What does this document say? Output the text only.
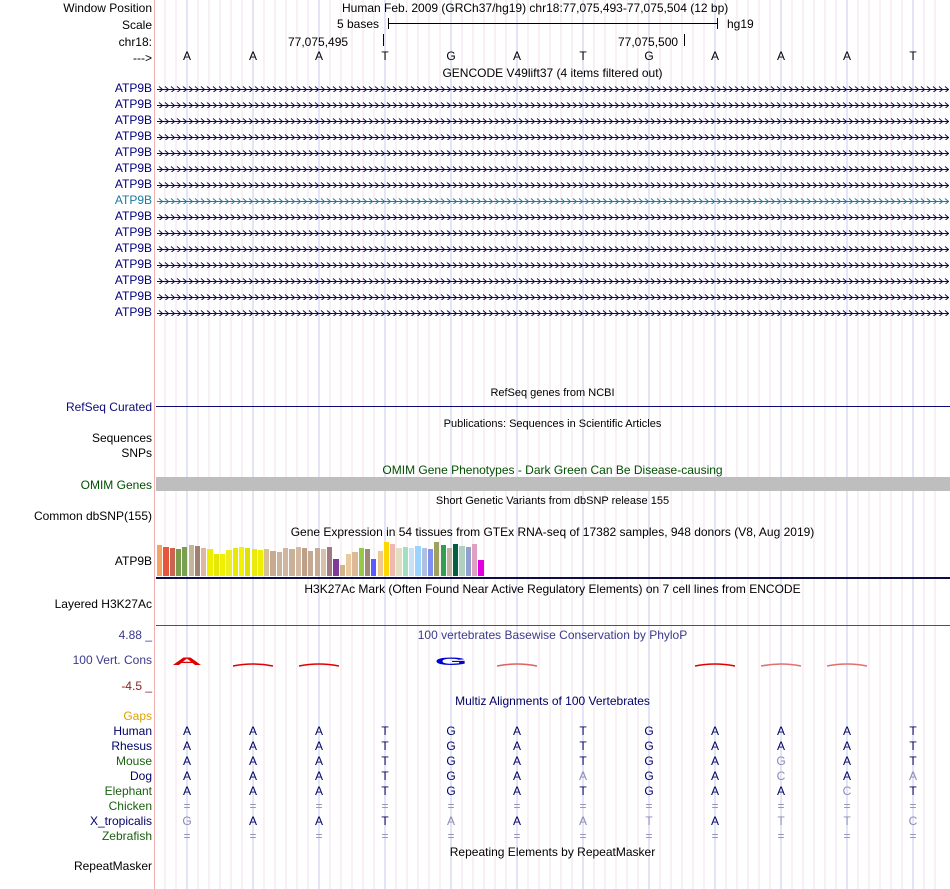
Window Position
Scale
chr18:
--->
Human Feb. 2009 (GRCh37/hg19) chr18:77,075,493-77,075,504 (12 bp)
5 bases	hg19
77,075,495	77,075,500
GENCODE V49lift37 (4 items filtered out)
RefSeq genes from NCBI
RefSeq Curated
Publications: Sequences in Scientific Articles
Sequences
SNPs
OMIM Gene Phenotypes - Dark Green Can Be Disease-causing
OMIM Genes
Short Genetic Variants from dbSNP release 155
Common dbSNP(155)
Gene Expression in 54 tissues from GTEx RNA-seq of 17382 samples, 948 donors (V8, Aug 2019)
ATP9B
H3K27Ac Mark (Often Found Near Active Regulatory Elements) on 7 cell lines from ENCODE
Layered H3K27Ac
100 vertebrates Basewise Conservation by PhyloP
4.88 _
100 Vert. Cons
-4.5 _
A	G
Multiz Alignments of 100 Vertebrates
Gaps
Repeating Elements by RepeatMasker
RepeatMasker
A	A	A	T	G	A	T	G	A	A	A	T
ATP9B
ATP9B
ATP9B
ATP9B
ATP9B
ATP9B
ATP9B
ATP9B
ATP9B
ATP9B
ATP9B
ATP9B
ATP9B
ATP9B
ATP9B
Human	A	A	A	T	G	A	T	G	A	A	A	T
Rhesus	A	A	A	T	G	A	T	G	A	A	A	T
Mouse	A	A	A	T	G	A	T	G	A	G	A	T
Dog	A	A	A	T	G	A	A	G	A	C	A	A
Elephant	A	A	A	T	G	A	T	G	A	A	C	T
Chicken	=	=	=	=	=	=	=	=	=	=	=	=
X_tropicalis	G	A	A	T	A	A	A	T	A	T	T	C
Zebrafish	=	=	=	=	=	=	=	=	=	=	=	=
